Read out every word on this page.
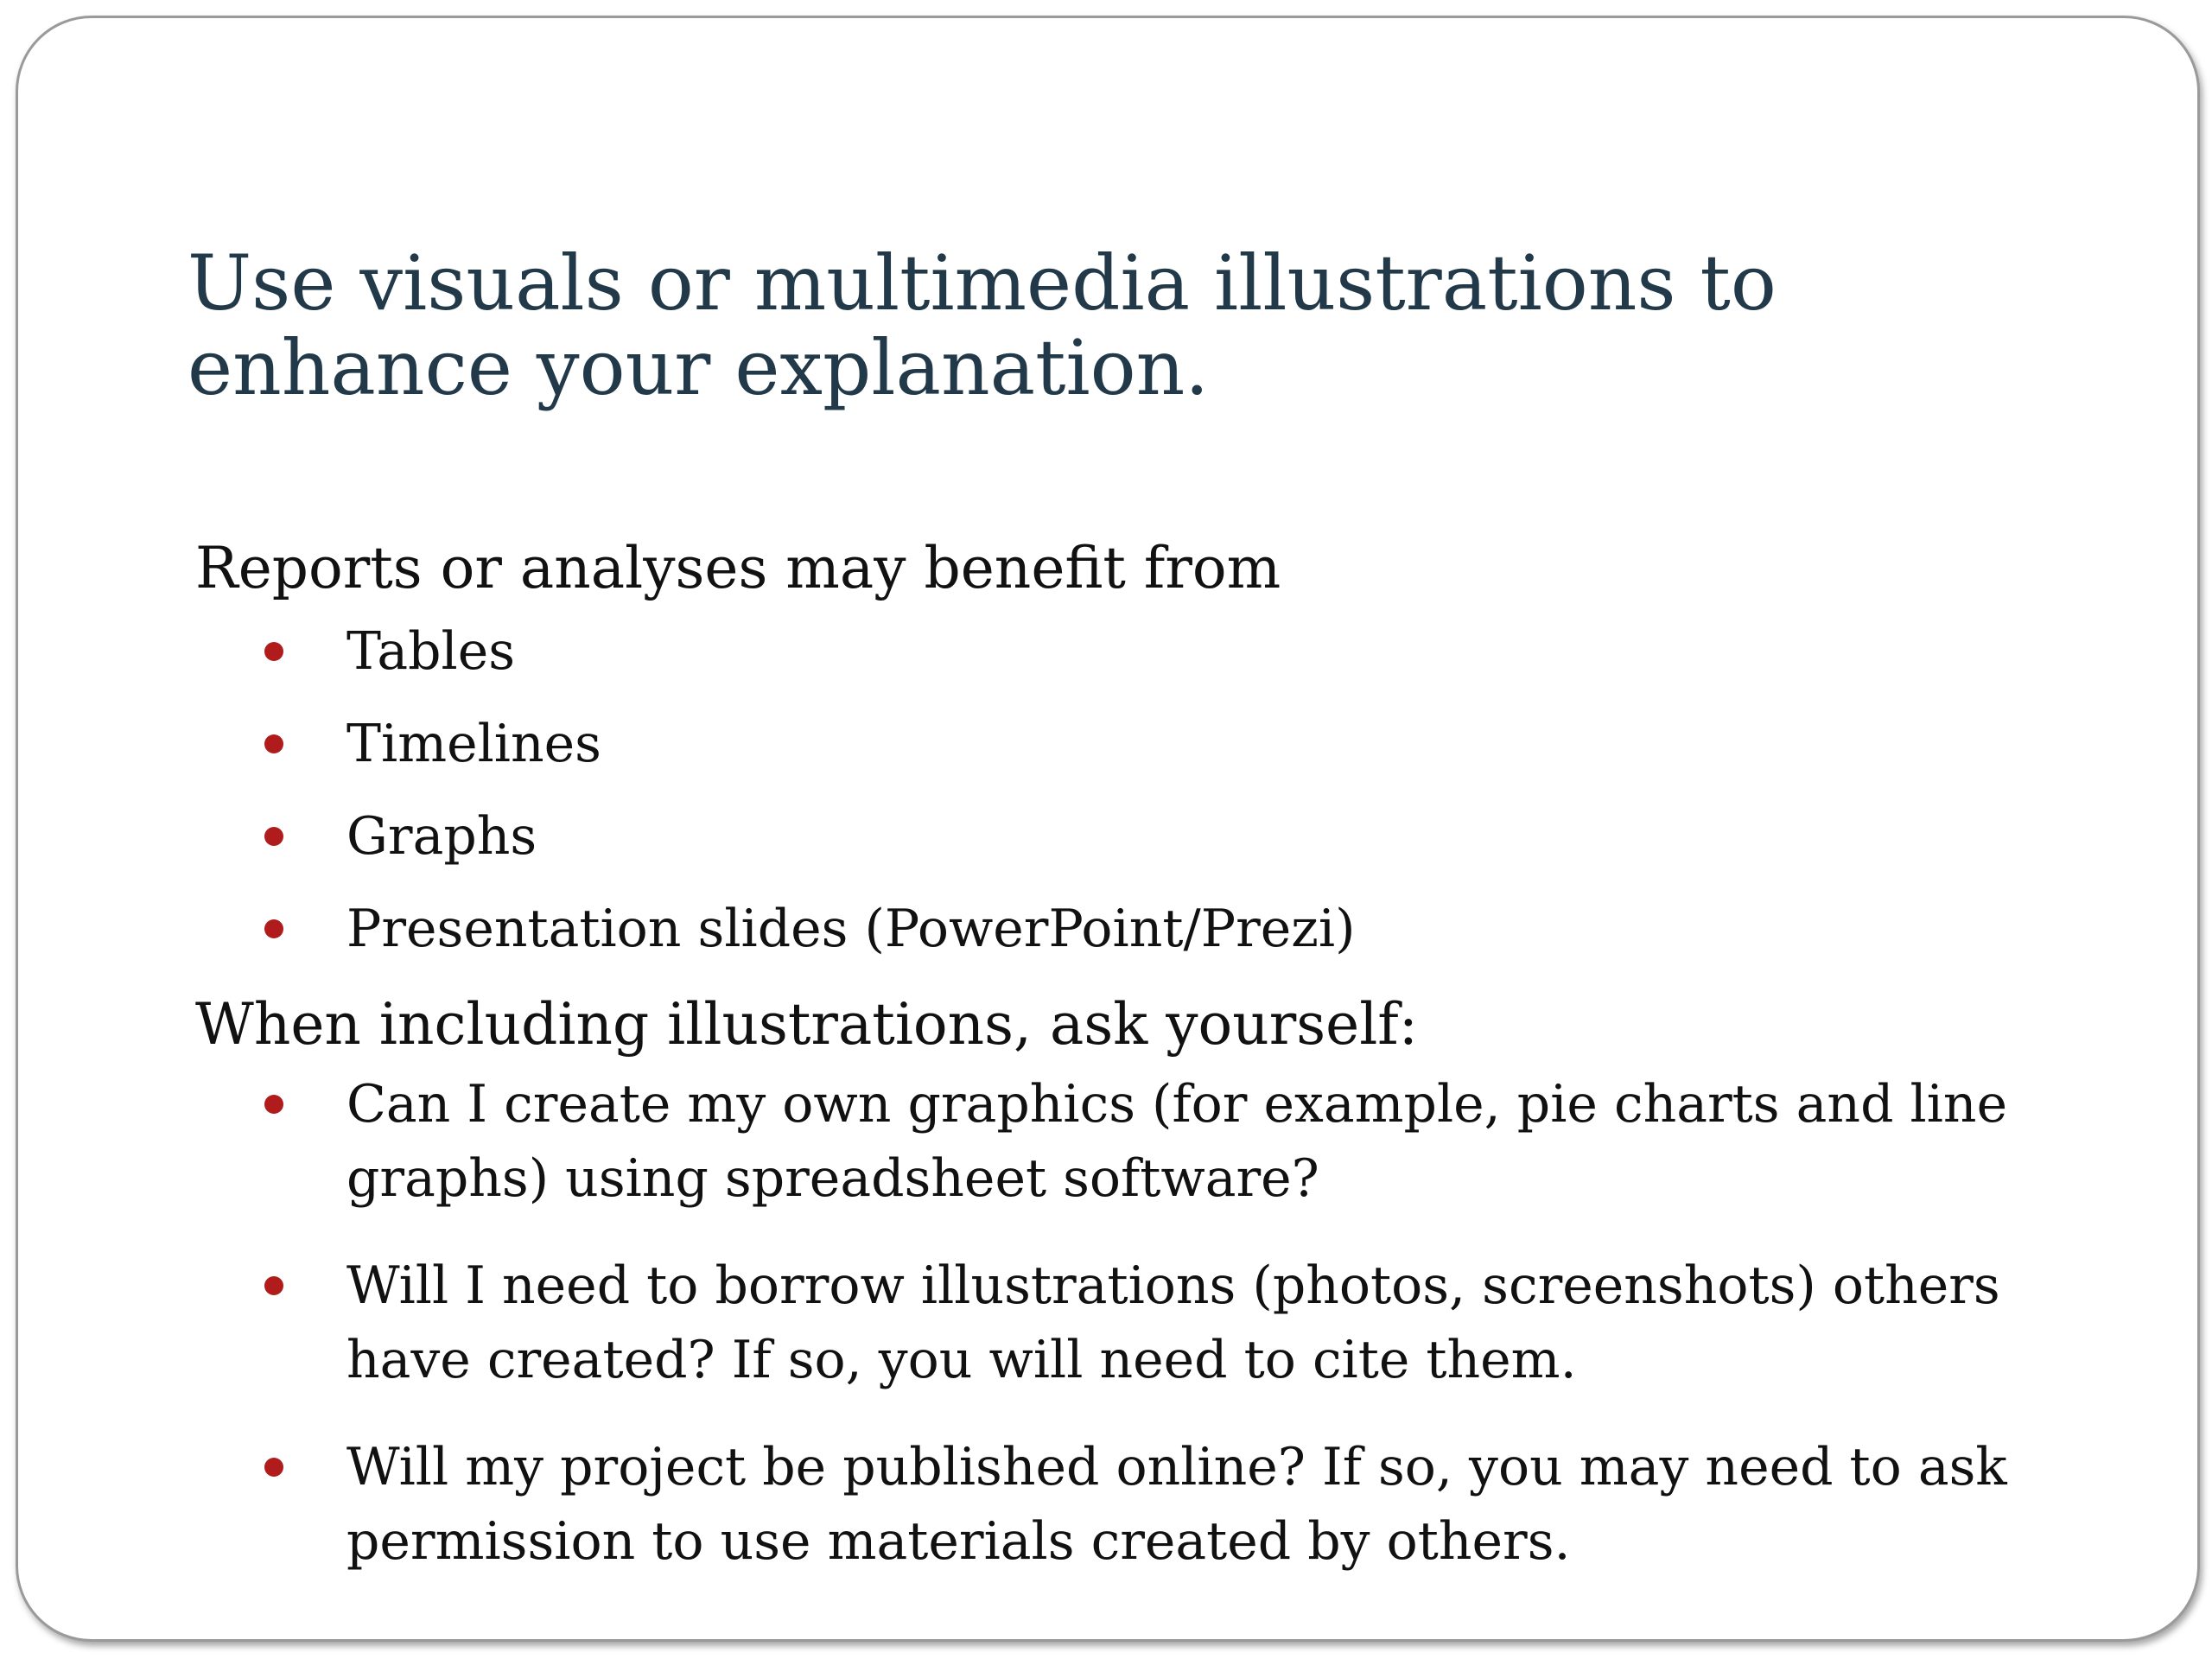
Use visuals or multimedia illustrations to enhance your explanation.

Reports or analyses may benefit from

Tables
Timelines
Graphs
Presentation slides (PowerPoint/Prezi)

When including illustrations, ask yourself:

Can I create my own graphics (for example, pie charts and line graphs) using spreadsheet software?
Will I need to borrow illustrations (photos, screenshots) others have created? If so, you will need to cite them.
Will my project be published online? If so, you may need to ask permission to use materials created by others.
